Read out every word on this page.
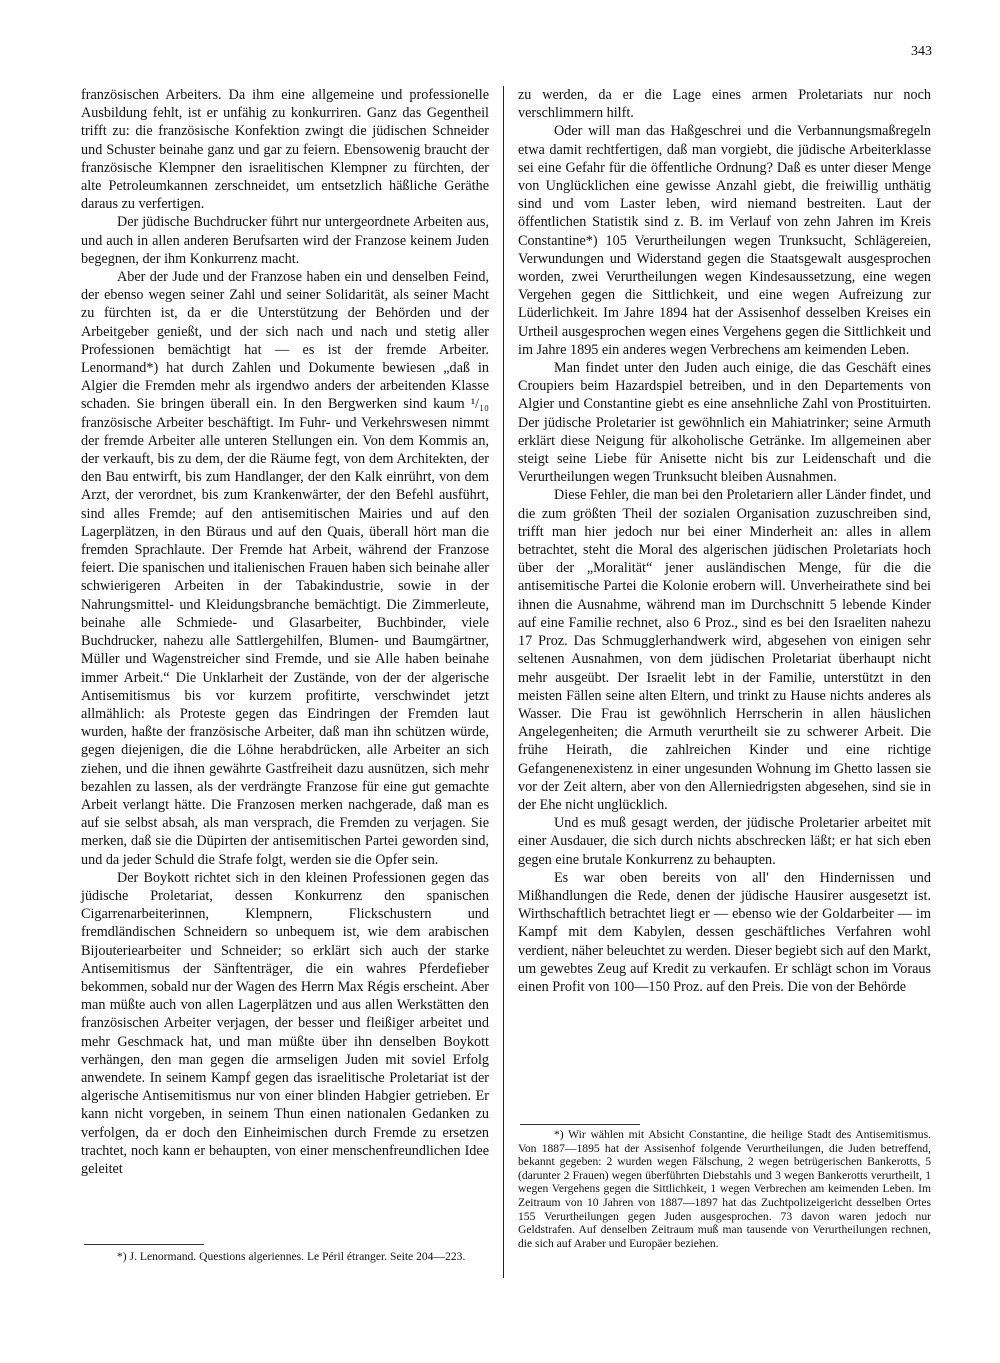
343

französischen Arbeiters. Da ihm eine allgemeine und professionelle Ausbildung fehlt, ist er unfähig zu konkurriren. Ganz das Gegentheil trifft zu: die französische Konfektion zwingt die jüdischen Schneider und Schuster beinahe ganz und gar zu feiern. Ebensowenig braucht der französische Klempner den israelitischen Klempner zu fürchten, der alte Petroleumkannen zerschneidet, um entsetzlich häßliche Geräthe daraus zu verfertigen.

Der jüdische Buchdrucker führt nur untergeordnete Arbeiten aus, und auch in allen anderen Berufsarten wird der Franzose keinem Juden begegnen, der ihm Konkurrenz macht.

Aber der Jude und der Franzose haben ein und denselben Feind, der ebenso wegen seiner Zahl und seiner Solidarität, als seiner Macht zu fürchten ist, da er die Unterstützung der Behörden und der Arbeitgeber genießt, und der sich nach und nach und stetig aller Professionen bemächtigt hat — es ist der fremde Arbeiter. Lenormand*) hat durch Zahlen und Dokumente bewiesen „daß in Algier die Fremden mehr als irgendwo anders der arbeitenden Klasse schaden. Sie bringen überall ein. In den Bergwerken sind kaum ¹/₁₀ französische Arbeiter beschäftigt. Im Fuhr- und Verkehrswesen nimmt der fremde Arbeiter alle unteren Stellungen ein. Von dem Kommis an, der verkauft, bis zu dem, der die Räume fegt, von dem Architekten, der den Bau entwirft, bis zum Handlanger, der den Kalk einrührt, von dem Arzt, der verordnet, bis zum Krankenwärter, der den Befehl ausführt, sind alles Fremde; auf den antisemitischen Mairies und auf den Lagerplätzen, in den Büraus und auf den Quais, überall hört man die fremden Sprachlaute. Der Fremde hat Arbeit, während der Franzose feiert. Die spanischen und italienischen Frauen haben sich beinahe aller schwierigeren Arbeiten in der Tabakindustrie, sowie in der Nahrungsmittel- und Kleidungsbranche bemächtigt. Die Zimmerleute, beinahe alle Schmiede- und Glasarbeiter, Buchbinder, viele Buchdrucker, nahezu alle Sattlergehilfen, Blumen- und Baumgärtner, Müller und Wagenstreicher sind Fremde, und sie Alle haben beinahe immer Arbeit.“ Die Unklarheit der Zustände, von der der algerische Antisemitismus bis vor kurzem profitirte, verschwindet jetzt allmählich: als Proteste gegen das Eindringen der Fremden laut wurden, haßte der französische Arbeiter, daß man ihn schützen würde, gegen diejenigen, die die Löhne herabdrücken, alle Arbeiter an sich ziehen, und die ihnen gewährte Gastfreiheit dazu ausnützen, sich mehr bezahlen zu lassen, als der verdrängte Franzose für eine gut gemachte Arbeit verlangt hätte. Die Franzosen merken nachgerade, daß man es auf sie selbst absah, als man versprach, die Fremden zu verjagen. Sie merken, daß sie die Düpirten der antisemitischen Partei geworden sind, und da jeder Schuld die Strafe folgt, werden sie die Opfer sein.

Der Boykott richtet sich in den kleinen Professionen gegen das jüdische Proletariat, dessen Konkurrenz den spanischen Cigarrenarbeiterinnen, Klempnern, Flickschustern und fremdländischen Schneidern so unbequem ist, wie dem arabischen Bijouteriearbeiter und Schneider; so erklärt sich auch der starke Antisemitismus der Sänftenträger, die ein wahres Pferdefieber bekommen, sobald nur der Wagen des Herrn Max Régis erscheint. Aber man müßte auch von allen Lagerplätzen und aus allen Werkstätten den französischen Arbeiter verjagen, der besser und fleißiger arbeitet und mehr Geschmack hat, und man müßte über ihn denselben Boykott verhängen, den man gegen die armseligen Juden mit soviel Erfolg anwendete. In seinem Kampf gegen das israelitische Proletariat ist der algerische Antisemitismus nur von einer blinden Habgier getrieben. Er kann nicht vorgeben, in seinem Thun einen nationalen Gedanken zu verfolgen, da er doch den Einheimischen durch Fremde zu ersetzen trachtet, noch kann er behaupten, von einer menschenfreundlichen Idee geleitet

zu werden, da er die Lage eines armen Proletariats nur noch verschlimmern hilft.

Oder will man das Haßgeschrei und die Verbannungsmaßregeln etwa damit rechtfertigen, daß man vorgiebt, die jüdische Arbeiterklasse sei eine Gefahr für die öffentliche Ordnung? Daß es unter dieser Menge von Unglücklichen eine gewisse Anzahl giebt, die freiwillig unthätig sind und vom Laster leben, wird niemand bestreiten. Laut der öffentlichen Statistik sind z. B. im Verlauf von zehn Jahren im Kreis Constantine*) 105 Verurtheilungen wegen Trunksucht, Schlägereien, Verwundungen und Widerstand gegen die Staatsgewalt ausgesprochen worden, zwei Verurtheilungen wegen Kindesaussetzung, eine wegen Vergehen gegen die Sittlichkeit, und eine wegen Aufreizung zur Lüderlichkeit. Im Jahre 1894 hat der Assisenhof desselben Kreises ein Urtheil ausgesprochen wegen eines Vergehens gegen die Sittlichkeit und im Jahre 1895 ein anderes wegen Verbrechens am keimenden Leben.

Man findet unter den Juden auch einige, die das Geschäft eines Croupiers beim Hazardspiel betreiben, und in den Departements von Algier und Constantine giebt es eine ansehnliche Zahl von Prostituirten. Der jüdische Proletarier ist gewöhnlich ein Mahiatrinker; seine Armuth erklärt diese Neigung für alkoholische Getränke. Im allgemeinen aber steigt seine Liebe für Anisette nicht bis zur Leidenschaft und die Verurtheilungen wegen Trunksucht bleiben Ausnahmen.

Diese Fehler, die man bei den Proletariern aller Länder findet, und die zum größten Theil der sozialen Organisation zuzuschreiben sind, trifft man hier jedoch nur bei einer Minderheit an: alles in allem betrachtet, steht die Moral des algerischen jüdischen Proletariats hoch über der „Moralität“ jener ausländischen Menge, für die die antisemitische Partei die Kolonie erobern will. Unverheirathete sind bei ihnen die Ausnahme, während man im Durchschnitt 5 lebende Kinder auf eine Familie rechnet, also 6 Proz., sind es bei den Israeliten nahezu 17 Proz. Das Schmugglerhandwerk wird, abgesehen von einigen sehr seltenen Ausnahmen, von dem jüdischen Proletariat überhaupt nicht mehr ausgeübt. Der Israelit lebt in der Familie, unterstützt in den meisten Fällen seine alten Eltern, und trinkt zu Hause nichts anderes als Wasser. Die Frau ist gewöhnlich Herrscherin in allen häuslichen Angelegenheiten; die Armuth verurtheilt sie zu schwerer Arbeit. Die frühe Heirath, die zahlreichen Kinder und eine richtige Gefangenenexistenz in einer ungesunden Wohnung im Ghetto lassen sie vor der Zeit altern, aber von den Allerniedrigsten abgesehen, sind sie in der Ehe nicht unglücklich.

Und es muß gesagt werden, der jüdische Proletarier arbeitet mit einer Ausdauer, die sich durch nichts abschrecken läßt; er hat sich eben gegen eine brutale Konkurrenz zu behaupten.

Es war oben bereits von all' den Hindernissen und Mißhandlungen die Rede, denen der jüdische Hausirer ausgesetzt ist. Wirthschaftlich betrachtet liegt er — ebenso wie der Goldarbeiter — im Kampf mit dem Kabylen, dessen geschäftliches Verfahren wohl verdient, näher beleuchtet zu werden. Dieser begiebt sich auf den Markt, um gewebtes Zeug auf Kredit zu verkaufen. Er schlägt schon im Voraus einen Profit von 100—150 Proz. auf den Preis. Die von der Behörde

*) Wir wählen mit Absicht Constantine, die heilige Stadt des Antisemitismus. Von 1887—1895 hat der Assisenhof folgende Verurtheilungen, die Juden betreffend, bekannt gegeben: 2 wurden wegen Fälschung, 2 wegen betrügerischen Bankerotts, 5 (darunter 2 Frauen) wegen überführten Diebstahls und 3 wegen Bankerotts verurtheilt, 1 wegen Vergehens gegen die Sittlichkeit, 1 wegen Verbrechen am keimenden Leben. Im Zeitraum von 10 Jahren von 1887—1897 hat das Zuchtpolizeigericht desselben Ortes 155 Verurtheilungen gegen Juden ausgesprochen. 73 davon waren jedoch nur Geldstrafen. Auf denselben Zeitraum muß man tausende von Verurtheilungen rechnen, die sich auf Araber und Europäer beziehen.

*) J. Lenormand. Questions algeriennes. Le Péril étranger. Seite 204—223.
